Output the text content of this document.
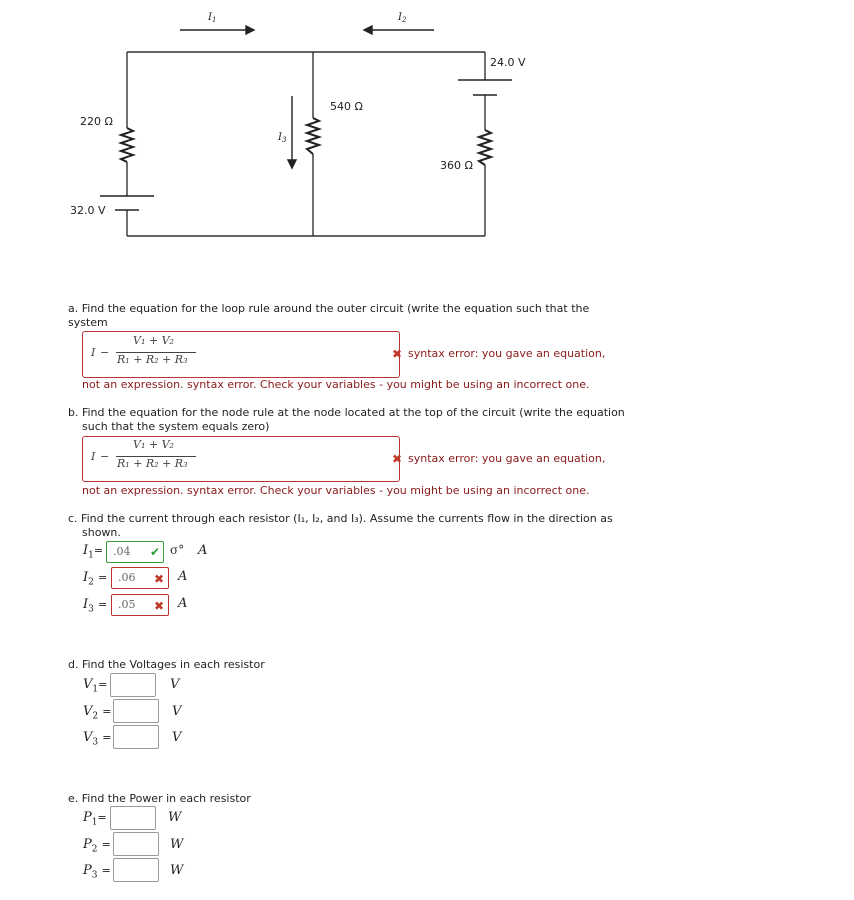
$I_1$	$I_2$
$I_3$
220 Ω
540 Ω
360 Ω
32.0 V
24.0 V
a. Find the equation for the loop rule around the outer circuit (write the equation such that the system
I −
V₁ + V₂
R₁ + R₂ + R₃	✖ syntax error: you gave an equation,
not an expression. syntax error. Check your variables - you might be using an incorrect one.
b. Find the equation for the node rule at the node located at the top of the circuit (write the equation
such that the system equals zero)
I −
V₁ + V₂
R₁ + R₂ + R₃	✖ syntax error: you gave an equation,
not an expression. syntax error. Check your variables - you might be using an incorrect one.
c. Find the current through each resistor (I₁, I₂, and I₃). Assume the currents flow in the direction as
shown.
$I_1= .04$	✔ σ° A
$I_2 = .06$	✖ A
$I_3 = .05$	✖ A
d. Find the Voltages in each resistor
$V_1=$	V
$V_2$ =	V
$V_3$ =	V
e. Find the Power in each resistor
$P_1=$	W
$P_2$ =	W
$P_3$ =	W
